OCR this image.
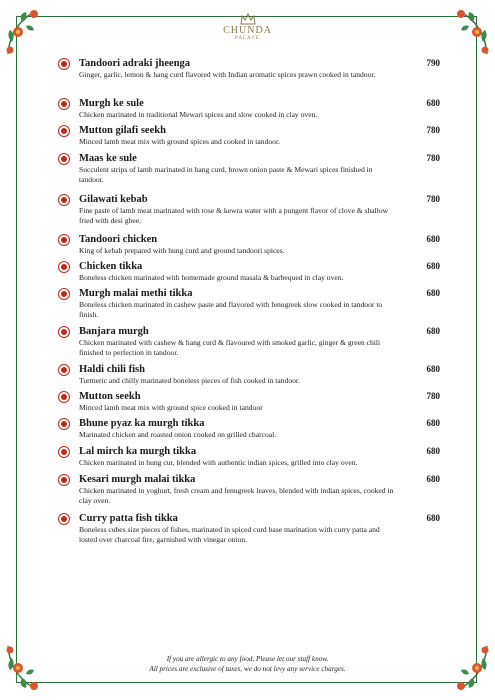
CHUNDA
PALACE
Tandoori adraki jheenga	790
Ginger, garlic, lemon & hang curd flavored with Indian aromatic spices prawn cooked in tandoor.
Murgh ke sule	680
Chicken marinated in traditional Mewari spices and slow cooked in clay oven.
Mutton gilafi seekh	780
Minced lamb meat mix with ground spices and cooked in tandoor.
Maas ke sule	780
Succulent strips of lamb marinated in hang curd, brown onion paste & Mewari spices finished in tandoor.
Gilawati kebab	780
Fine paste of lamb meat marinated with rose & kewra water with a pungent flavor of clove & shallow fried with desi ghee.
Tandoori chicken	680
King of kebab prepared with hung curd and ground tandoori spices.
Chicken tikka	680
Boneless chicken marinated with homemade ground masala & barbequed in clay oven.
Murgh malai methi tikka	680
Boneless chicken marinated in cashew paste and flavored with fenugreek slow cooked in tandoor to finish.
Banjara murgh	680
Chicken marinated with cashew & hang curd & flavoured with smoked garlic, ginger & green chili finished to perfection in tandoor.
Haldi chili fish	680
Turmeric and chilly marinated boneless pieces of fish cooked in tandoor.
Mutton seekh	780
Minced lamb meat mix with ground spice cooked in tandoor
Bhune pyaz ka murgh tikka	680
Marinated chicken and roasted onion cooked on grilled charcoal.
Lal mirch ka murgh tikka	680
Chicken marinated in hung cur, blended with authentic indian spices, grilled into clay oven.
Kesari murgh malai tikka	680
Chicken marinated in yoghurt, fresh cream and fenugreek leaves, blended with indian spices, cooked in clay oven.
Curry patta fish tikka	680
Boneless cubes size pieces of fishes, marinated in spiced curd base marination with curry patta and losted over charcoal fire, garnished with vinegar onion.
If you are allergic to any food, Please let our staff know.
All prices are exclusive of taxes, we do not levy any service charges.
